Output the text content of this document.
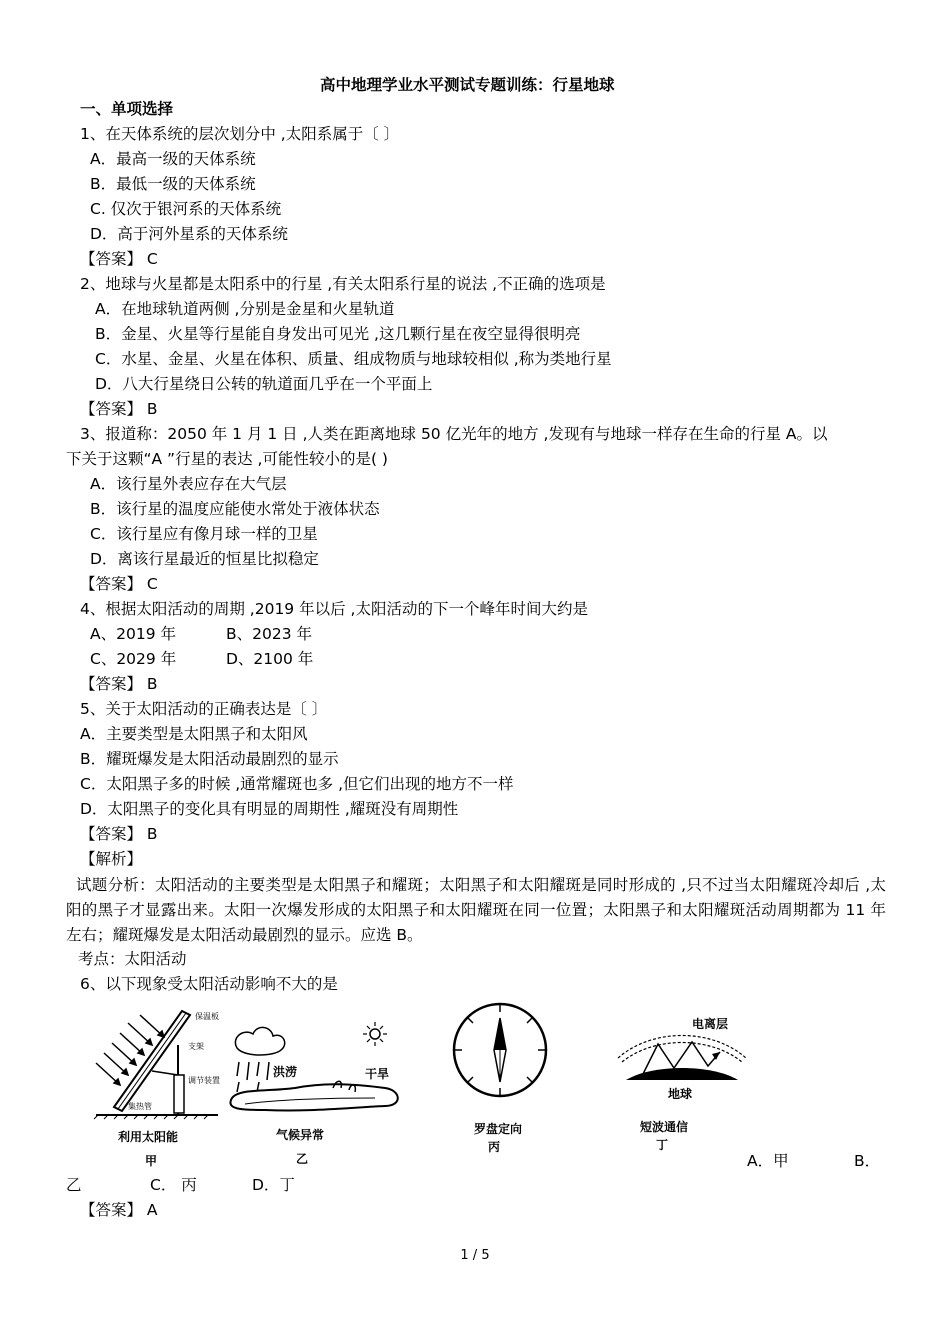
高中地理学业水平测试专题训练：行星地球
一、单项选择
1、在天体系统的层次划分中 ,太阳系属于〔 〕
A．最高一级的天体系统
B．最低一级的天体系统
C. 仅次于银河系的天体系统
D．高于河外星系的天体系统
【答案】 C
2、地球与火星都是太阳系中的行星 ,有关太阳系行星的说法 ,不正确的选项是
A．在地球轨道两侧 ,分别是金星和火星轨道
B．金星、火星等行星能自身发出可见光 ,这几颗行星在夜空显得很明亮
C．水星、金星、火星在体积、质量、组成物质与地球较相似 ,称为类地行星
D．八大行星绕日公转的轨道面几乎在一个平面上
【答案】 B
3、报道称：2050 年 1 月 1 日 ,人类在距离地球 50 亿光年的地方 ,发现有与地球一样存在生命的行星 A。以
下关于这颗“A ”行星的表达 ,可能性较小的是( )
A．该行星外表应存在大气层
B．该行星的温度应能使水常处于液体状态
C．该行星应有像月球一样的卫星
D．离该行星最近的恒星比拟稳定
【答案】 C
4、根据太阳活动的周期 ,2019 年以后 ,太阳活动的下一个峰年时间大约是
A、2019 年	B、2023 年
C、2029 年	D、2100 年
【答案】 B
5、关于太阳活动的正确表达是〔 〕
A．主要类型是太阳黑子和太阳风
B．耀斑爆发是太阳活动最剧烈的显示
C．太阳黑子多的时候 ,通常耀斑也多 ,但它们出现的地方不一样
D．太阳黑子的变化具有明显的周期性 ,耀斑没有周期性
【答案】 B
【解析】
试题分析：太阳活动的主要类型是太阳黑子和耀斑；太阳黑子和太阳耀斑是同时形成的 ,只不过当太阳耀斑冷却后 ,太阳的黑子才显露出来。太阳一次爆发形成的太阳黑子和太阳耀斑在同一位置；太阳黑子和太阳耀斑活动周期都为 11 年左右；耀斑爆发是太阳活动最剧烈的显示。应选 B。
考点：太阳活动
6、以下现象受太阳活动影响不大的是
保温板
支架
调节装置
集热管
利用太阳能
甲
洪涝	干旱
气候异常
乙
罗盘定向
丙
电离层
地球
短波通信
丁
A．甲	B．
乙	C． 丙	D．丁
【答案】 A
1 / 5
